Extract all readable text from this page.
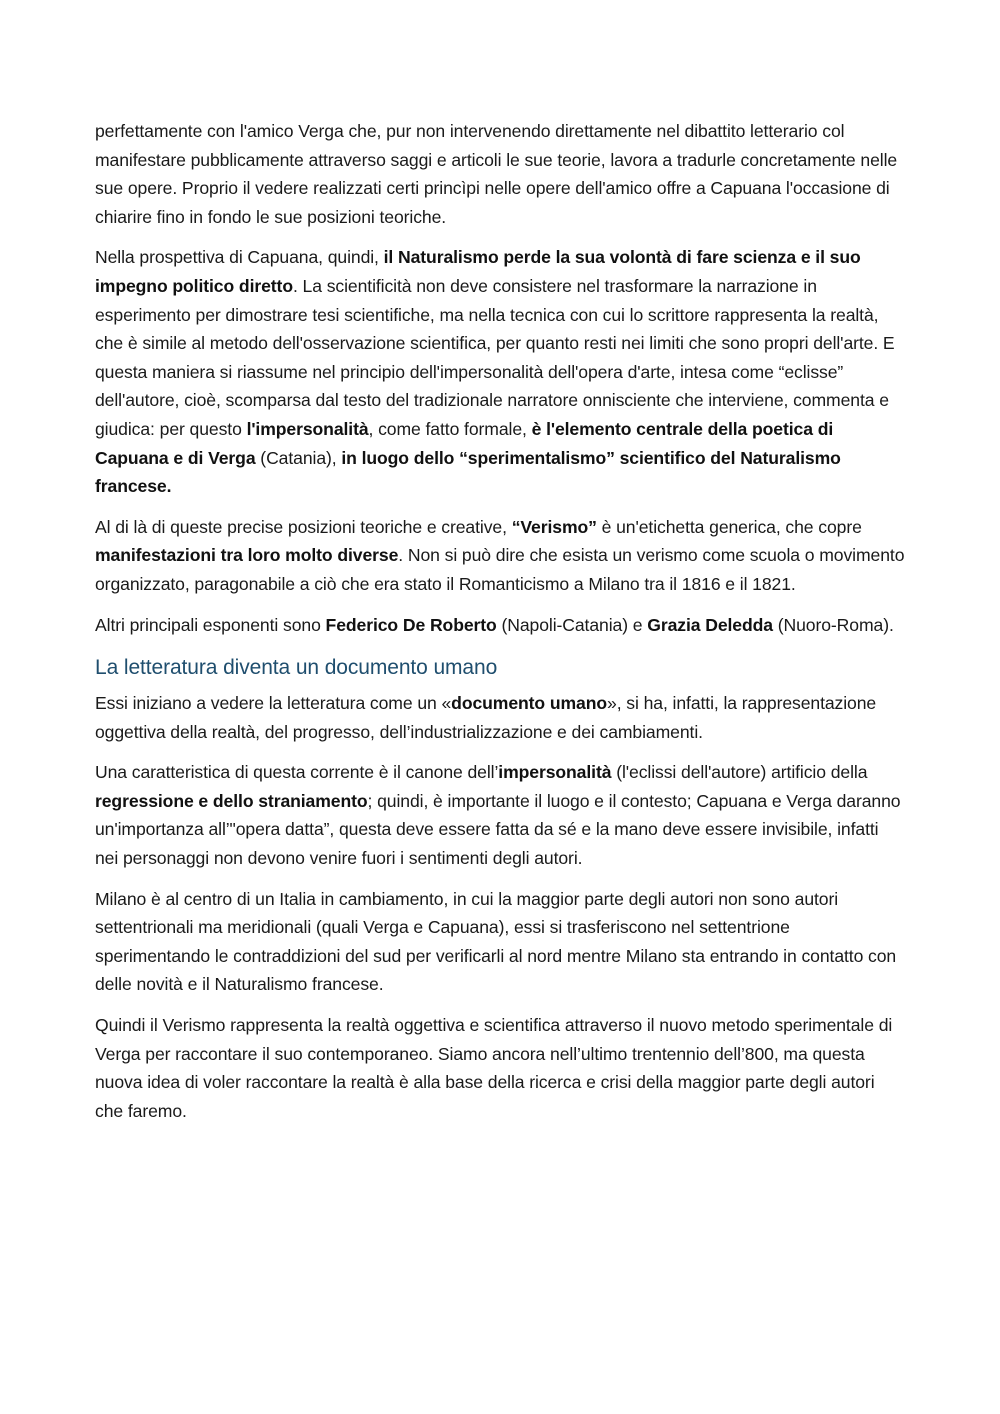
perfettamente con l'amico Verga che, pur non intervenendo direttamente nel dibattito letterario col manifestare pubblicamente attraverso saggi e articoli le sue teorie, lavora a tradurle concretamente nelle sue opere. Proprio il vedere realizzati certi princìpi nelle opere dell'amico offre a Capuana l'occasione di chiarire fino in fondo le sue posizioni teoriche.

Nella prospettiva di Capuana, quindi, il Naturalismo perde la sua volontà di fare scienza e il suo impegno politico diretto. La scientificità non deve consistere nel trasformare la narrazione in esperimento per dimostrare tesi scientifiche, ma nella tecnica con cui lo scrittore rappresenta la realtà, che è simile al metodo dell'osservazione scientifica, per quanto resti nei limiti che sono propri dell'arte. E questa maniera si riassume nel principio dell'impersonalità dell'opera d'arte, intesa come “eclisse” dell'autore, cioè, scomparsa dal testo del tradizionale narratore onnisciente che interviene, commenta e giudica: per questo l'impersonalità, come fatto formale, è l'elemento centrale della poetica di Capuana e di Verga (Catania), in luogo dello “sperimentalismo” scientifico del Naturalismo francese.

Al di là di queste precise posizioni teoriche e creative, “Verismo” è un'etichetta generica, che copre manifestazioni tra loro molto diverse. Non si può dire che esista un verismo come scuola o movimento organizzato, paragonabile a ciò che era stato il Romanticismo a Milano tra il 1816 e il 1821.

Altri principali esponenti sono Federico De Roberto (Napoli-Catania) e Grazia Deledda (Nuoro-Roma).

La letteratura diventa un documento umano

Essi iniziano a vedere la letteratura come un «documento umano», si ha, infatti, la rappresentazione oggettiva della realtà, del progresso, dell’industrializzazione e dei cambiamenti.

Una caratteristica di questa corrente è il canone dell’impersonalità (l'eclissi dell'autore) artificio della regressione e dello straniamento; quindi, è importante il luogo e il contesto; Capuana e Verga daranno un'importanza all’"opera datta”, questa deve essere fatta da sé e la mano deve essere invisibile, infatti nei personaggi non devono venire fuori i sentimenti degli autori.

Milano è al centro di un Italia in cambiamento, in cui la maggior parte degli autori non sono autori settentrionali ma meridionali (quali Verga e Capuana), essi si trasferiscono nel settentrione sperimentando le contraddizioni del sud per verificarli al nord mentre Milano sta entrando in contatto con delle novità e il Naturalismo francese.

Quindi il Verismo rappresenta la realtà oggettiva e scientifica attraverso il nuovo metodo sperimentale di Verga per raccontare il suo contemporaneo. Siamo ancora nell’ultimo trentennio dell’800, ma questa nuova idea di voler raccontare la realtà è alla base della ricerca e crisi della maggior parte degli autori che faremo.
